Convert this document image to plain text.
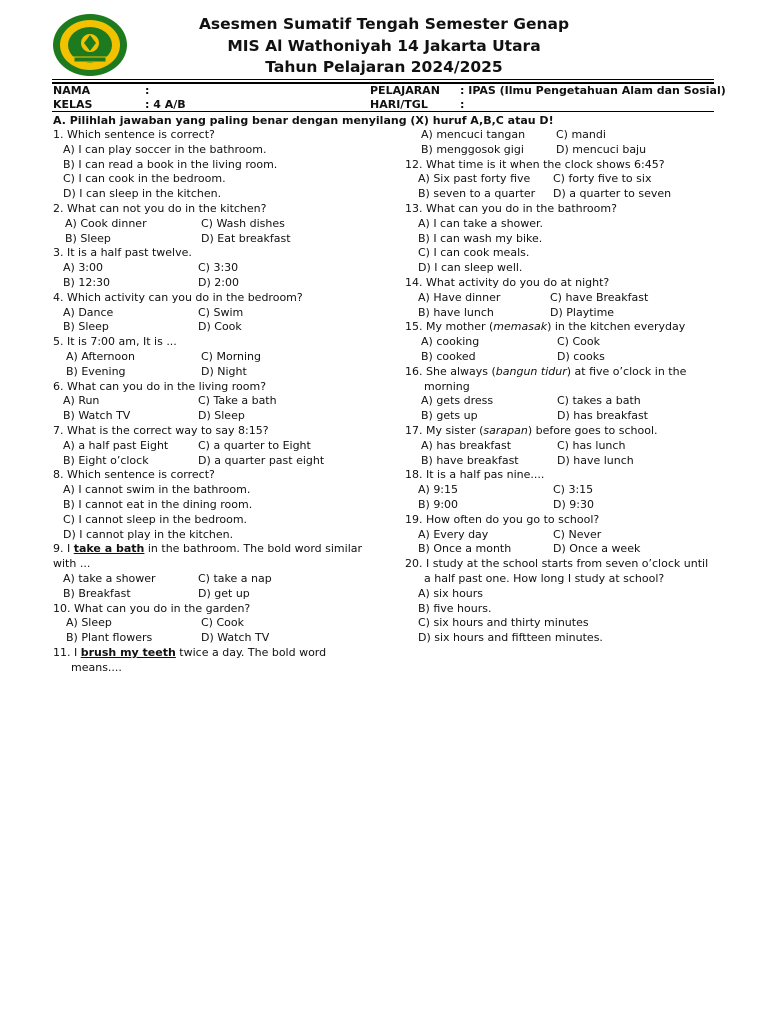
Asesmen Sumatif Tengah Semester Genap
MIS Al Wathoniyah 14 Jakarta Utara
Tahun Pelajaran 2024/2025
NAMA	:
KELAS	: 4 A/B
PELAJARAN : IPAS (Ilmu Pengetahuan Alam dan Sosial)
HARI/TGL	:
A. Pilihlah jawaban yang paling benar dengan menyilang (X) huruf A,B,C atau D!
1. Which sentence is correct?
A) I can play soccer in the bathroom.
B) I can read a book in the living room.
C) I can cook in the bedroom.
D) I can sleep in the kitchen.
2. What can not you do in the kitchen?
A) Cook dinner	C) Wash dishes
B) Sleep	D) Eat breakfast
3. It is a half past twelve.
A) 3:00	C) 3:30
B) 12:30	D) 2:00
4. Which activity can you do in the bedroom?
A) Dance	C) Swim
B) Sleep	D) Cook
5. It is 7:00 am, It is ...
A) Afternoon	C) Morning
B) Evening	D) Night
6. What can you do in the living room?
A) Run	C) Take a bath
B) Watch TV	D) Sleep
7. What is the correct way to say 8:15?
A) a half past Eight	C) a quarter to Eight
B) Eight o’clock	D) a quarter past eight
8. Which sentence is correct?
A) I cannot swim in the bathroom.
B) I cannot eat in the dining room.
C) I cannot sleep in the bedroom.
D) I cannot play in the kitchen.
9. I take a bath in the bathroom. The bold word similar
with ...
A) take a shower	C) take a nap
B) Breakfast	D) get up
10. What can you do in the garden?
A) Sleep	C) Cook
B) Plant flowers	D) Watch TV
11. I brush my teeth twice a day. The bold word
means....
A) mencuci tangan	C) mandi
B) menggosok gigi	D) mencuci baju
12. What time is it when the clock shows 6:45?
A) Six past forty five C) forty five to six
B) seven to a quarter D) a quarter to seven
13. What can you do in the bathroom?
A) I can take a shower.
B) I can wash my bike.
C) I can cook meals.
D) I can sleep well.
14. What activity do you do at night?
A) Have dinner	C) have Breakfast
B) have lunch	D) Playtime
15. My mother (memasak) in the kitchen everyday
A) cooking	C) Cook
B) cooked	D) cooks
16. She always (bangun tidur) at five o’clock in the
morning
A) gets dress	C) takes a bath
B) gets up	D) has breakfast
17. My sister (sarapan) before goes to school.
A) has breakfast	C) has lunch
B) have breakfast	D) have lunch
18. It is a half pas nine....
A) 9:15	C) 3:15
B) 9:00	D) 9:30
19. How often do you go to school?
A) Every day	C) Never
B) Once a month	D) Once a week
20. I study at the school starts from seven o’clock until
a half past one. How long I study at school?
A) six hours
B) five hours.
C) six hours and thirty minutes
D) six hours and fiftteen minutes.
